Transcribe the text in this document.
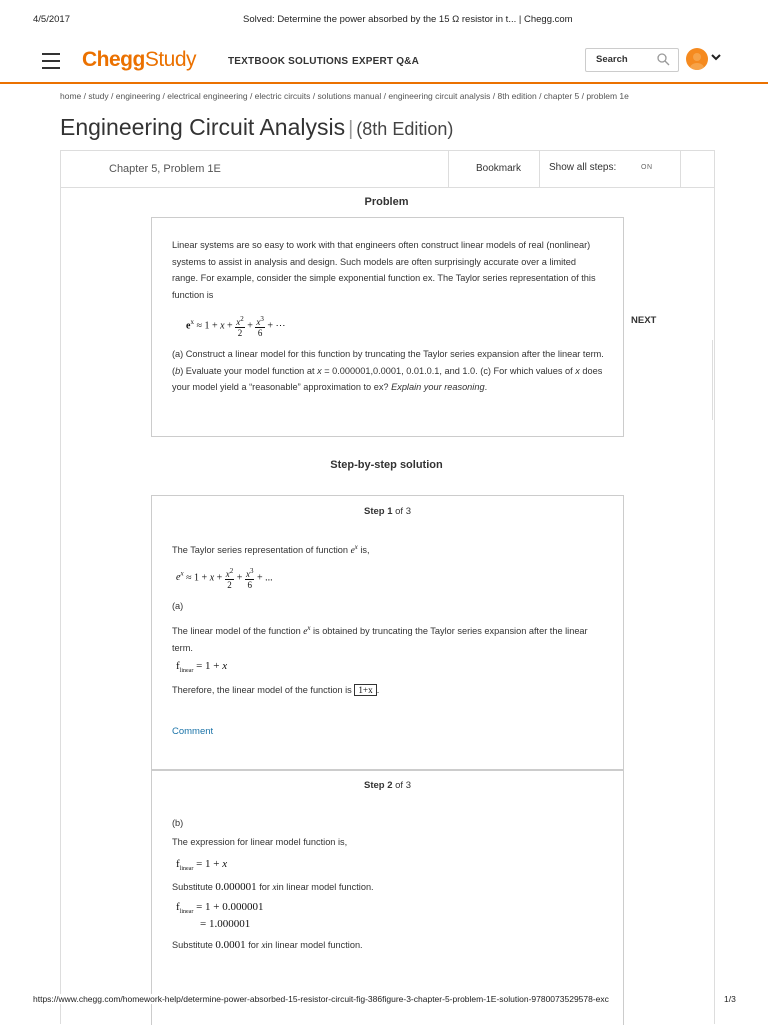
4/5/2017	Solved: Determine the power absorbed by the 15 Ω resistor in t... | Chegg.com
CheggStudy	TEXTBOOK SOLUTIONS EXPERT Q&A	Search
home / study / engineering / electrical engineering / electric circuits / solutions manual / engineering circuit analysis / 8th edition / chapter 5 / problem 1e
Engineering Circuit Analysis | (8th Edition)
Chapter 5, Problem 1E	Bookmark	Show all steps:	ON
Problem
Linear systems are so easy to work with that engineers often construct linear models of real (nonlinear) systems to assist in analysis and design. Such models are often surprisingly accurate over a limited range. For example, consider the simple exponential function ex. The Taylor series representation of this function is
$e^x \approx 1 + x + \frac{x^2}{2} + \frac{x^3}{6}$ + ⋯
(a) Construct a linear model for this function by truncating the Taylor series expansion after the linear term. (b) Evaluate your model function at x = 0.000001,0.0001, 0.01.0.1, and 1.0. (c) For which values of x does your model yield a “reasonable” approximation to ex? Explain your reasoning.
NEXT
Step-by-step solution
Step 1 of 3
The Taylor series representation of function $e^x$ is,
$e^x \approx 1 + x + \frac{x^2}{2} + \frac{x^3}{6}$ + ...
(a)
The linear model of the function $e^x$ is obtained by truncating the Taylor series expansion after the linear term.
$f_{linear} = 1 + x$
Therefore, the linear model of the function is 1+x .
Comment
Step 2 of 3
(b)
The expression for linear model function is,
$f_{linear} = 1 + x$
Substitute 0.000001 for xin linear model function.
$f_{linear} = 1 + 0.000001$
= 1.000001
Substitute 0.0001 for xin linear model function.
https://www.chegg.com/homework-help/determine-power-absorbed-15-resistor-circuit-fig-386figure-3-chapter-5-problem-1E-solution-9780073529578-exc	1/3
